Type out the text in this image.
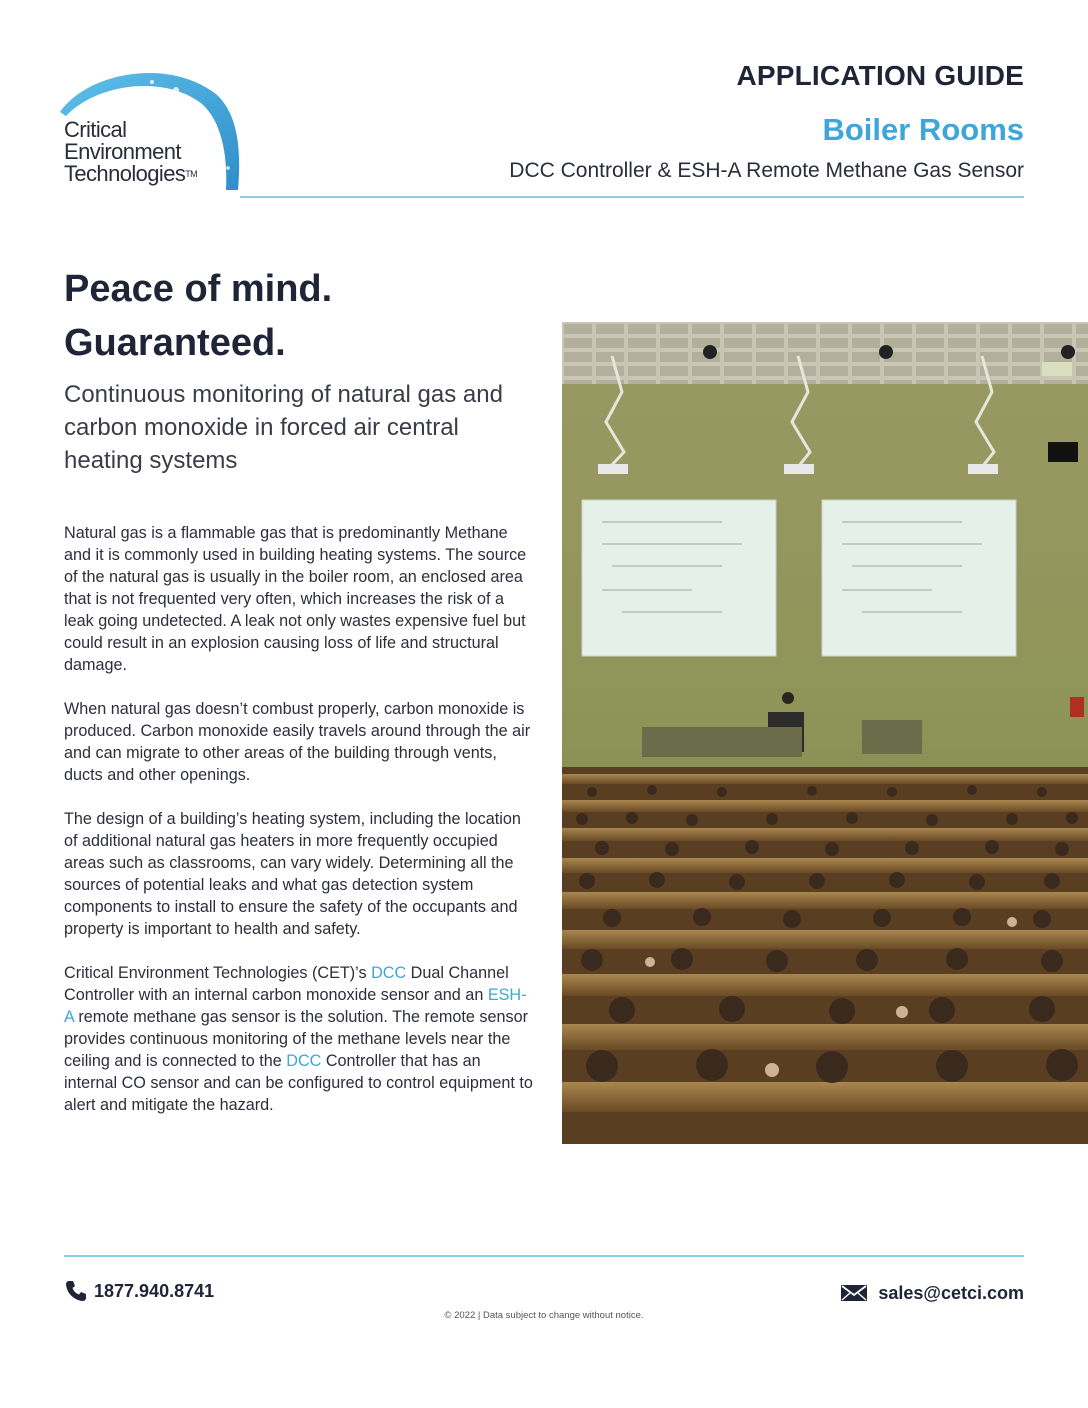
Critical
Environment
Technologies™
APPLICATION GUIDE
Boiler Rooms
DCC Controller & ESH-A Remote Methane Gas Sensor
Peace of mind.
Guaranteed.
Continuous monitoring of natural gas and carbon monoxide in forced air central heating systems

Natural gas is a flammable gas that is predominantly Methane and it is commonly used in building heating systems. The source of the natural gas is usually in the boiler room, an enclosed area that is not frequented very often, which increases the risk of a leak going undetected. A leak not only wastes expensive fuel but could result in an explosion causing loss of life and structural damage.

When natural gas doesn’t combust properly, carbon monoxide is produced. Carbon monoxide easily travels around through the air and can migrate to other areas of the building through vents, ducts and other openings.

The design of a building’s heating system, including the location of additional natural gas heaters in more frequently occupied areas such as classrooms, can vary widely. Determining all the sources of potential leaks and what gas detection system components to install to ensure the safety of the occupants and property is important to health and safety.

Critical Environment Technologies (CET)’s DCC Dual Channel Controller with an internal carbon monoxide sensor and an ESH-A remote methane gas sensor is the solution. The remote sensor provides continuous monitoring of the methane levels near the ceiling and is connected to the DCC Controller that has an internal CO sensor and can be configured to control equipment to alert and mitigate the hazard.

1877.940.8741	sales@cetci.com
© 2022 | Data subject to change without notice.
